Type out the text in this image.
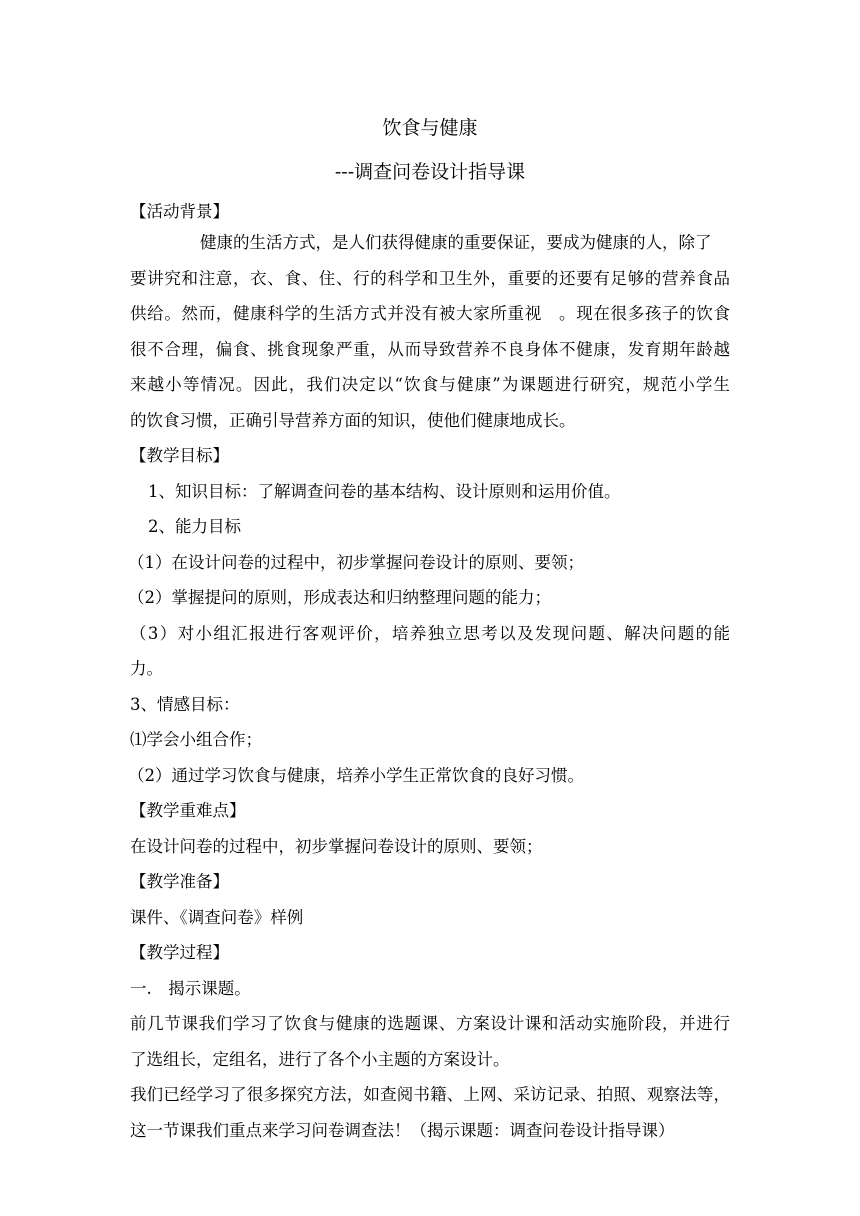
饮食与健康
---调查问卷设计指导课
【活动背景】
健康的生活方式，是人们获得健康的重要保证，要成为健康的人，除了
要讲究和注意，衣、食、住、行的科学和卫生外，重要的还要有足够的营养食品
供给。然而，健康科学的生活方式并没有被大家所重视　。现在很多孩子的饮食
很不合理，偏食、挑食现象严重，从而导致营养不良身体不健康，发育期年龄越
来越小等情况。因此，我们决定以“饮食与健康”为课题进行研究，规范小学生
的饮食习惯，正确引导营养方面的知识，使他们健康地成长。
【教学目标】
1、知识目标：了解调查问卷的基本结构、设计原则和运用价值。
2、能力目标
（1）在设计问卷的过程中，初步掌握问卷设计的原则、要领；
（2）掌握提问的原则，形成表达和归纳整理问题的能力；
（3）对小组汇报进行客观评价，培养独立思考以及发现问题、解决问题的能
力。
3、情感目标：
⑴学会小组合作；
（2）通过学习饮食与健康，培养小学生正常饮食的良好习惯。
【教学重难点】
在设计问卷的过程中，初步掌握问卷设计的原则、要领；
【教学准备】
课件、《调查问卷》样例
【教学过程】
一.　揭示课题。
前几节课我们学习了饮食与健康的选题课、方案设计课和活动实施阶段，并进行
了选组长，定组名，进行了各个小主题的方案设计。
我们已经学习了很多探究方法，如查阅书籍、上网、采访记录、拍照、观察法等，
这一节课我们重点来学习问卷调查法！（揭示课题：调查问卷设计指导课）
